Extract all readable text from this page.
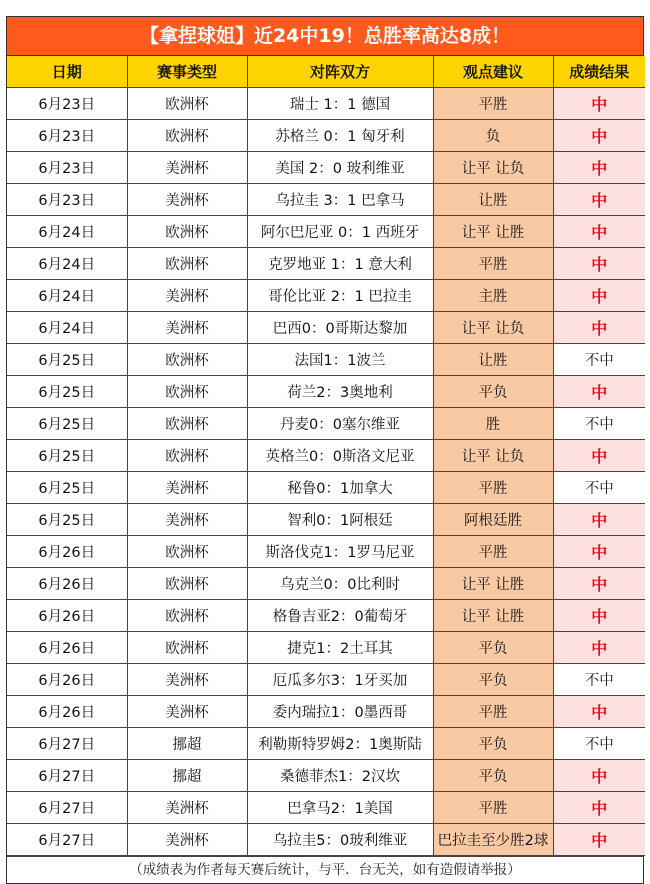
【拿捏球姐】近24中19！总胜率高达8成！
日期	赛事类型	对阵双方	观点建议	成绩结果
6月23日	欧洲杯	瑞士 1：1 德国	平胜	中
6月23日	欧洲杯	苏格兰 0：1 匈牙利	负	中
6月23日	美洲杯	美国 2：0 玻利维亚	让平 让负	中
6月23日	美洲杯	乌拉圭 3：1 巴拿马	让胜	中
6月24日	欧洲杯	阿尔巴尼亚 0：1 西班牙	让平 让胜	中
6月24日	欧洲杯	克罗地亚 1：1 意大利	平胜	中
6月24日	美洲杯	哥伦比亚 2：1 巴拉圭	主胜	中
6月24日	美洲杯	巴西0：0哥斯达黎加	让平 让负	中
6月25日	欧洲杯	法国1：1波兰	让胜	不中
6月25日	欧洲杯	荷兰2：3奥地利	平负	中
6月25日	欧洲杯	丹麦0：0塞尔维亚	胜	不中
6月25日	欧洲杯	英格兰0：0斯洛文尼亚	让平 让负	中
6月25日	美洲杯	秘鲁0：1加拿大	平胜	不中
6月25日	美洲杯	智利0：1阿根廷	阿根廷胜	中
6月26日	欧洲杯	斯洛伐克1：1罗马尼亚	平胜	中
6月26日	欧洲杯	乌克兰0：0比利时	让平 让胜	中
6月26日	欧洲杯	格鲁吉亚2：0葡萄牙	让平 让胜	中
6月26日	欧洲杯	捷克1：2土耳其	平负	中
6月26日	美洲杯	厄瓜多尔3：1牙买加	平负	不中
6月26日	美洲杯	委内瑞拉1：0墨西哥	平胜	中
6月27日	挪超	利勒斯特罗姆2：1奥斯陆	平负	不中
6月27日	挪超	桑德菲杰1：2汉坎	平负	中
6月27日	美洲杯	巴拿马2：1美国	平胜	中
6月27日	美洲杯	乌拉圭5：0玻利维亚	巴拉圭至少胜2球	中
（成绩表为作者每天赛后统计，与平．台无关，如有造假请举报）
